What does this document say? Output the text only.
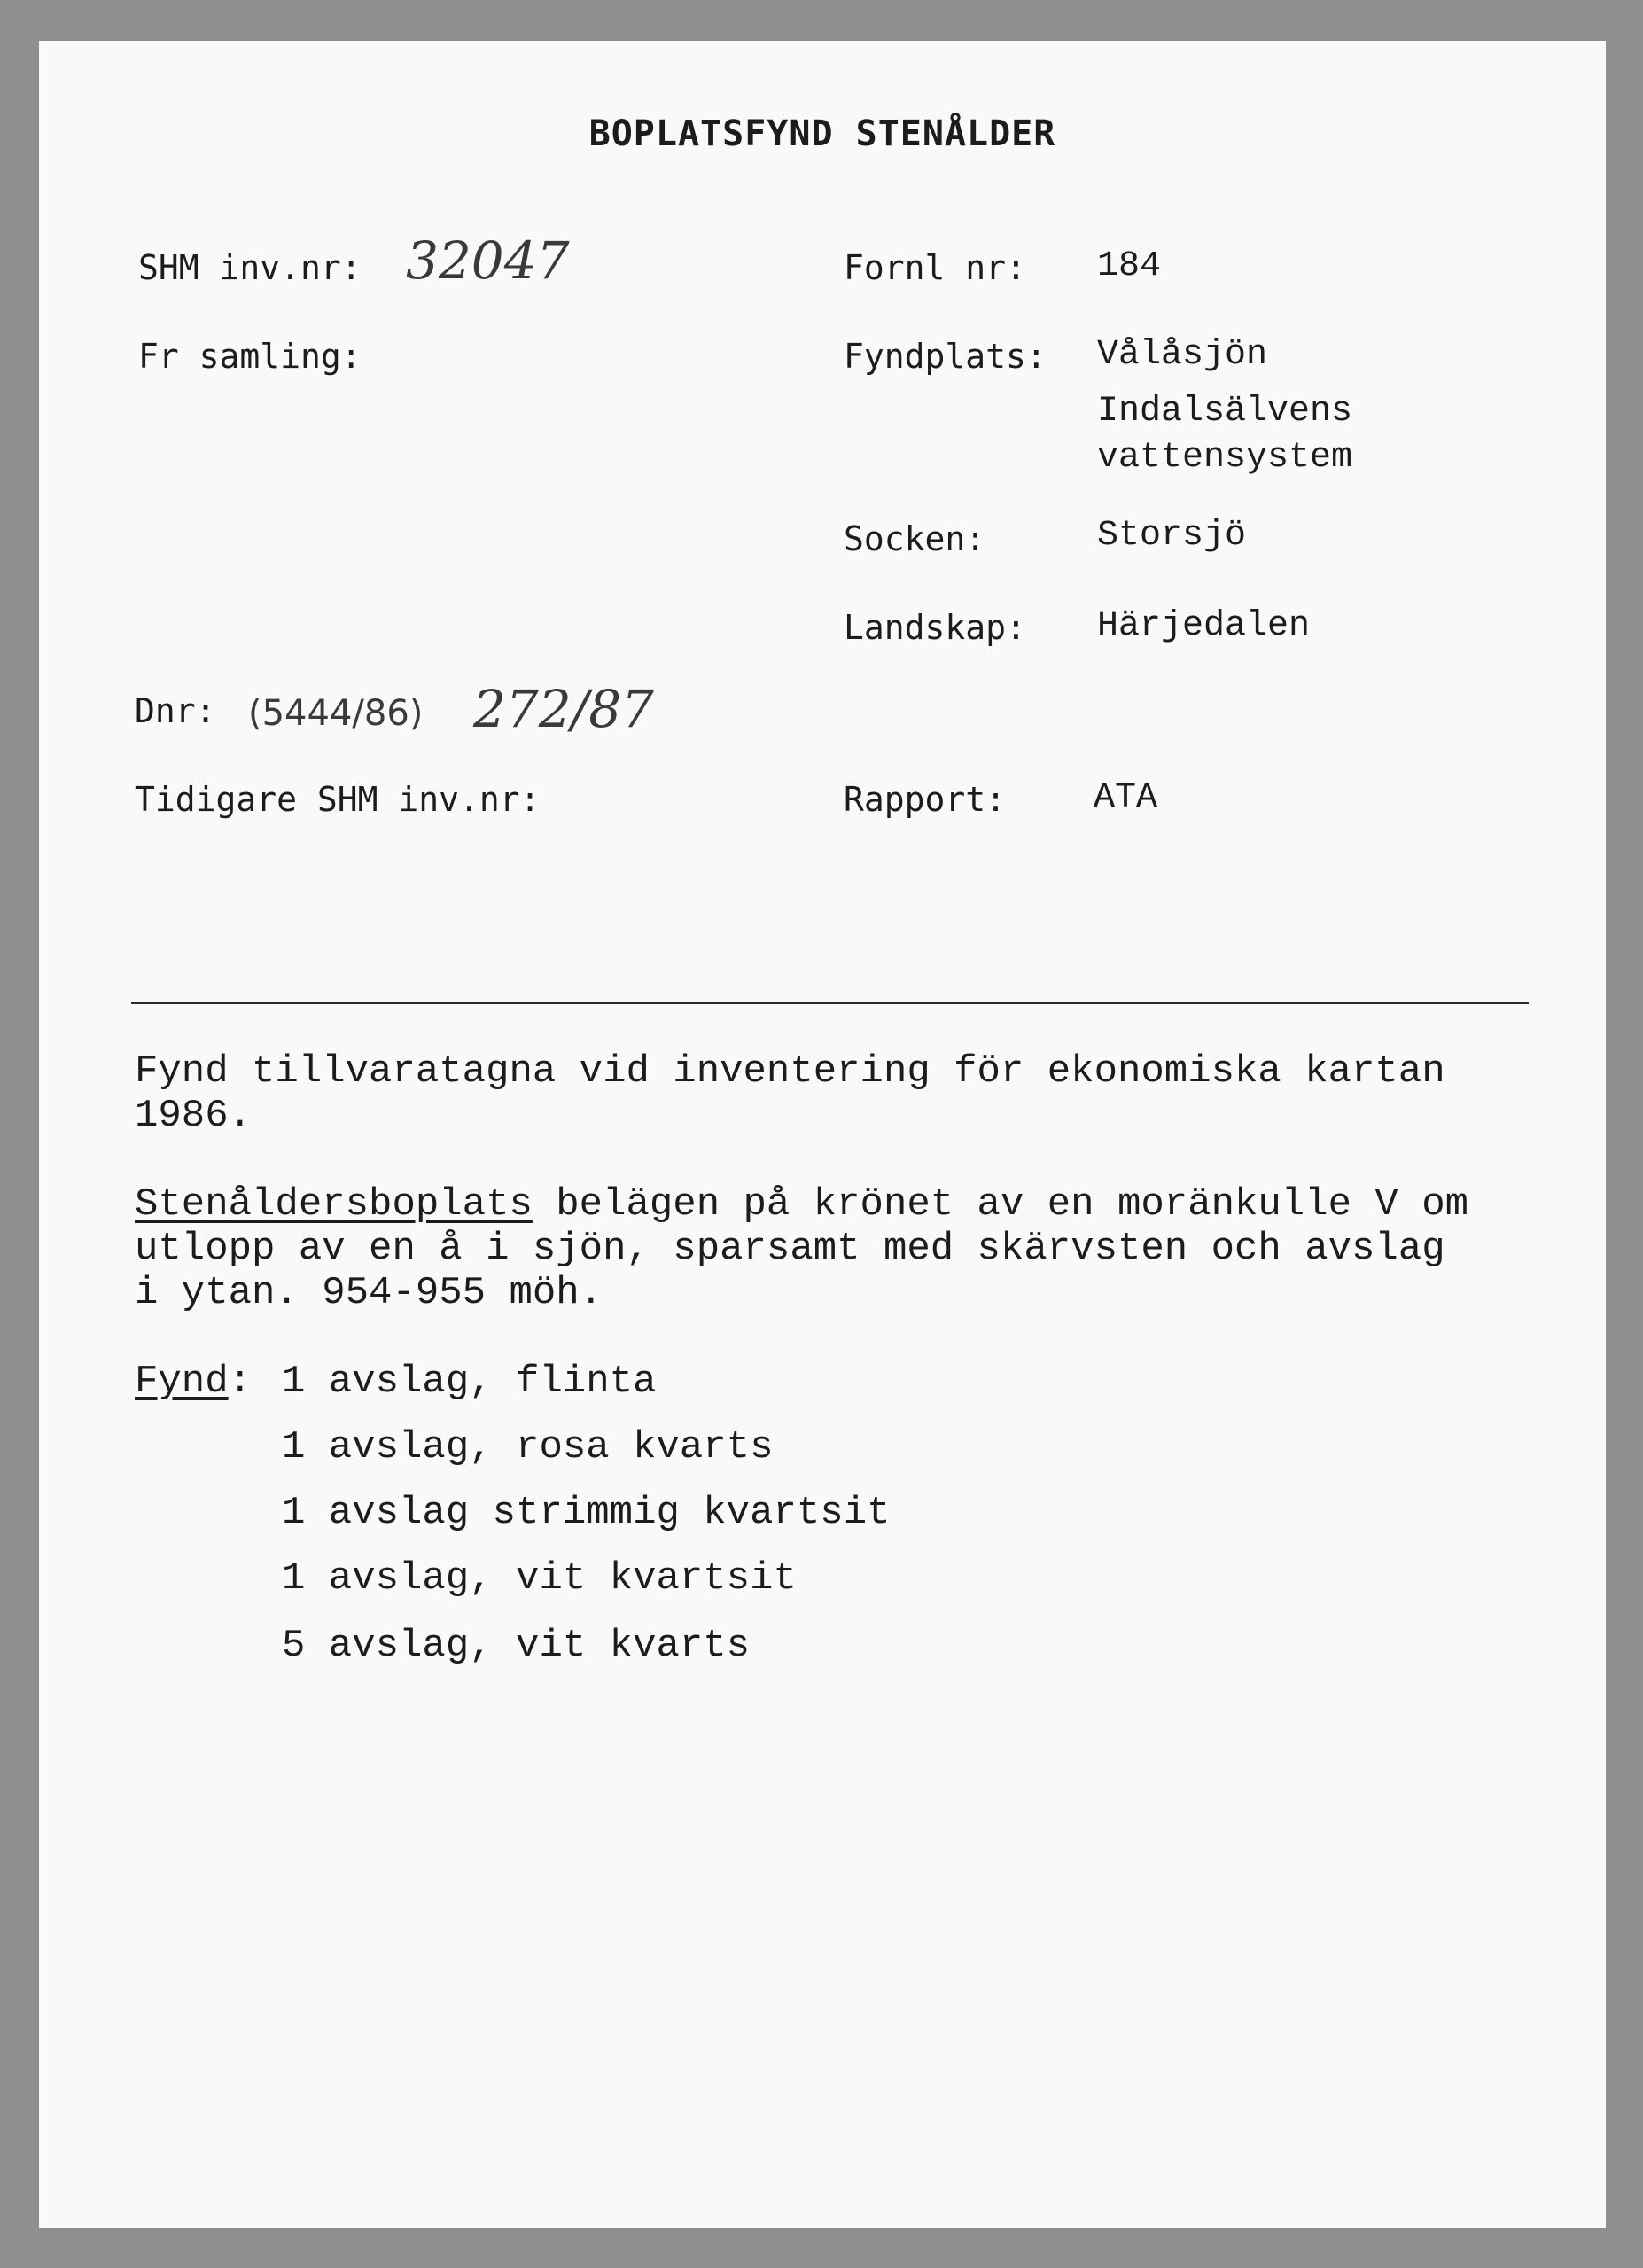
BOPLATSFYND STENÅLDER
SHM inv.nr: 32047
Fr samling:
Dnr: (5444/86) 272/87
Tidigare SHM inv.nr:
Fornl nr: 184
Fyndplats: Vålåsjön
Indalsälvens
vattensystem
Socken:	Storsjö
Landskap: Härjedalen
Rapport: ATA
Fynd tillvaratagna vid inventering för ekonomiska kartan
1986.
Stenåldersboplats belägen på krönet av en moränkulle V om
utlopp av en å i sjön, sparsamt med skärvsten och avslag
i ytan. 954-955 möh.
Fynd: 1 avslag, flinta
1 avslag, rosa kvarts
1 avslag strimmig kvartsit
1 avslag, vit kvartsit
5 avslag, vit kvarts
